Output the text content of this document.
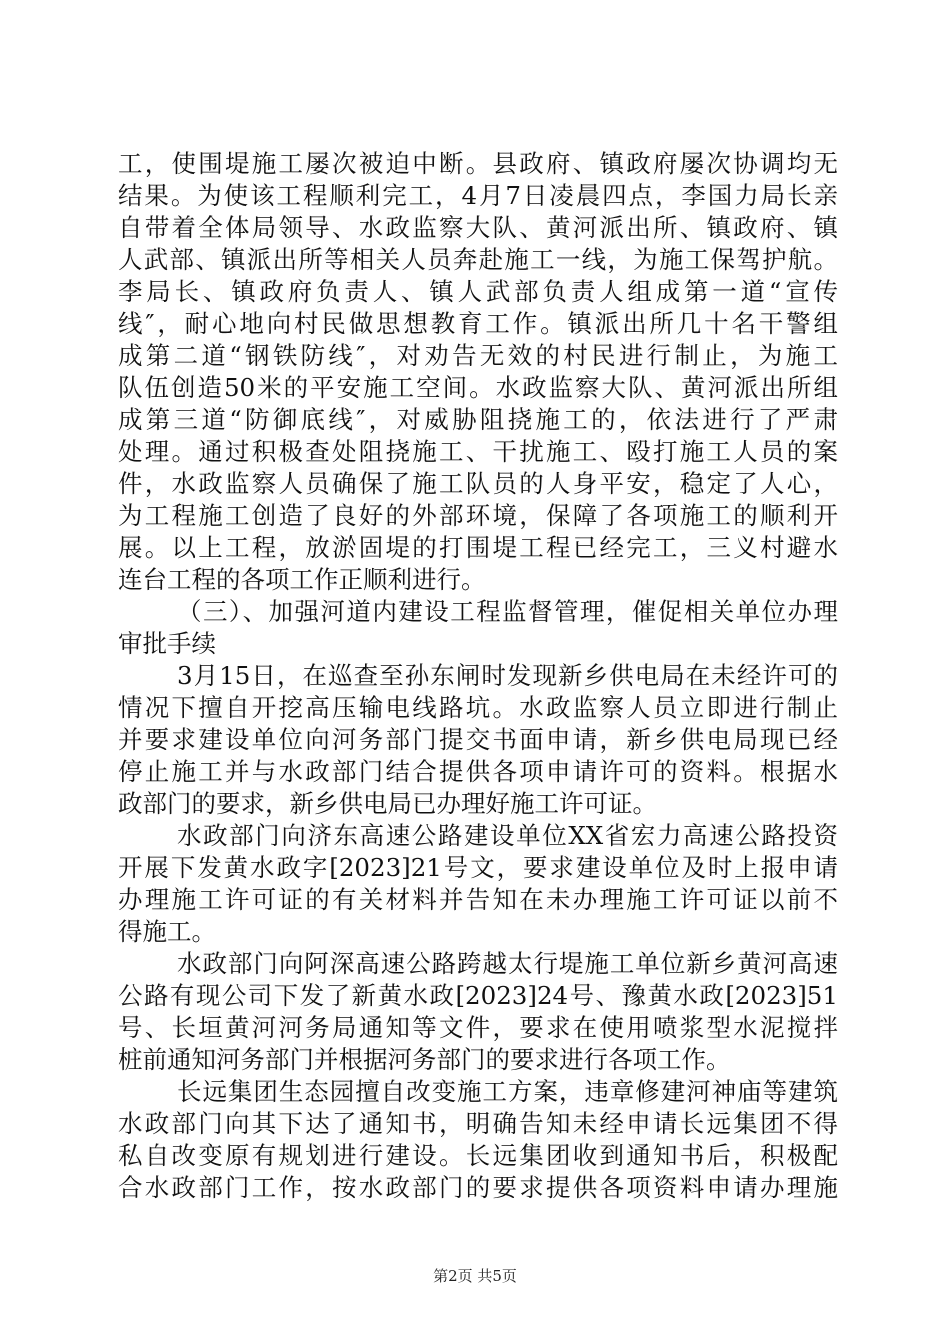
工，使围堤施工屡次被迫中断。县政府、镇政府屡次协调均无
结果。为使该工程顺利完工，4月7日凌晨四点，李国力局长亲
自带着全体局领导、水政监察大队、黄河派出所、镇政府、镇
人武部、镇派出所等相关人员奔赴施工一线，为施工保驾护航。
李局长、镇政府负责人、镇人武部负责人组成第一道“宣传
线″，耐心地向村民做思想教育工作。镇派出所几十名干警组
成第二道“钢铁防线″，对劝告无效的村民进行制止，为施工
队伍创造50米的平安施工空间。水政监察大队、黄河派出所组
成第三道“防御底线″，对威胁阻挠施工的，依法进行了严肃
处理。通过积极查处阻挠施工、干扰施工、殴打施工人员的案
件，水政监察人员确保了施工队员的人身平安，稳定了人心，
为工程施工创造了良好的外部环境，保障了各项施工的顺利开
展。以上工程，放淤固堤的打围堤工程已经完工，三义村避水
连台工程的各项工作正顺利进行。
（三）、加强河道内建设工程监督管理，催促相关单位办理
审批手续
3月15日，在巡查至孙东闸时发现新乡供电局在未经许可的
情况下擅自开挖高压输电线路坑。水政监察人员立即进行制止
并要求建设单位向河务部门提交书面申请，新乡供电局现已经
停止施工并与水政部门结合提供各项申请许可的资料。根据水
政部门的要求，新乡供电局已办理好施工许可证。
水政部门向济东高速公路建设单位XX省宏力高速公路投资
开展下发黄水政字[2023]21号文，要求建设单位及时上报申请
办理施工许可证的有关材料并告知在未办理施工许可证以前不
得施工。
水政部门向阿深高速公路跨越太行堤施工单位新乡黄河高速
公路有现公司下发了新黄水政[2023]24号、豫黄水政[2023]51
号、长垣黄河河务局通知等文件，要求在使用喷浆型水泥搅拌
桩前通知河务部门并根据河务部门的要求进行各项工作。
长远集团生态园擅自改变施工方案，违章修建河神庙等建筑
水政部门向其下达了通知书，明确告知未经申请长远集团不得
私自改变原有规划进行建设。长远集团收到通知书后，积极配
合水政部门工作，按水政部门的要求提供各项资料申请办理施
第2页 共5页
